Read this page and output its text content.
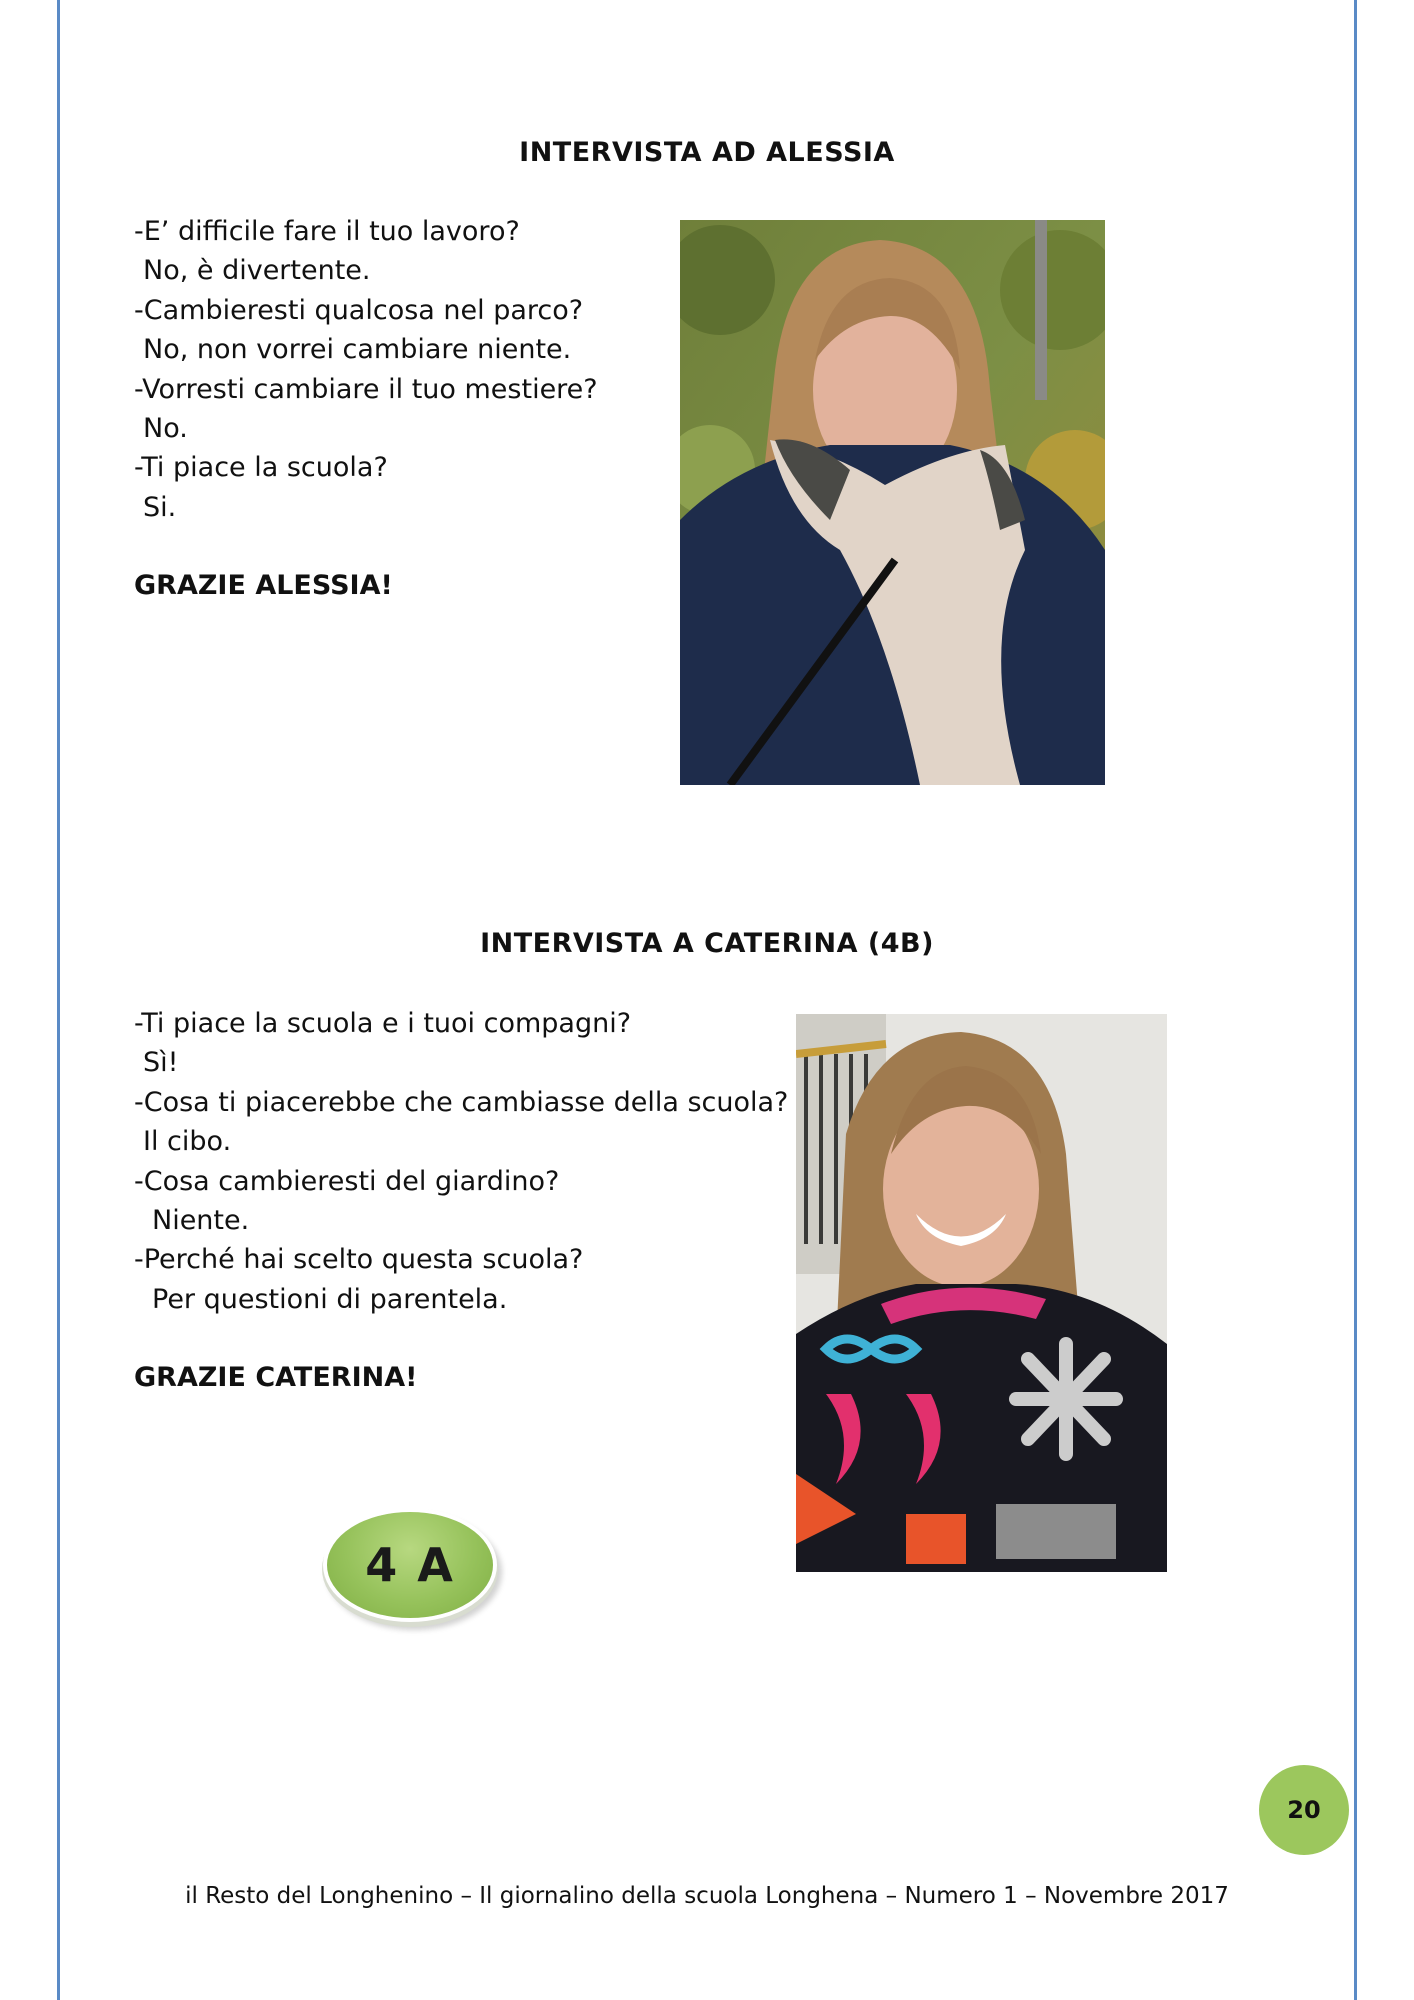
INTERVISTA AD ALESSIA
-E’ difficile fare il tuo lavoro?
No, è divertente.
-Cambieresti qualcosa nel parco?
No, non vorrei cambiare niente.
-Vorresti cambiare il tuo mestiere?
No.
-Ti piace la scuola?
Si.
GRAZIE ALESSIA!
INTERVISTA A CATERINA (4B)
-Ti piace la scuola e i tuoi compagni?
Sì!
-Cosa ti piacerebbe che cambiasse della scuola?
Il cibo.
-Cosa cambieresti del giardino?
Niente.
-Perché hai scelto questa scuola?
Per questioni di parentela.
GRAZIE CATERINA!
4 A
20
il Resto del Longhenino – Il giornalino della scuola Longhena – Numero 1 – Novembre 2017
